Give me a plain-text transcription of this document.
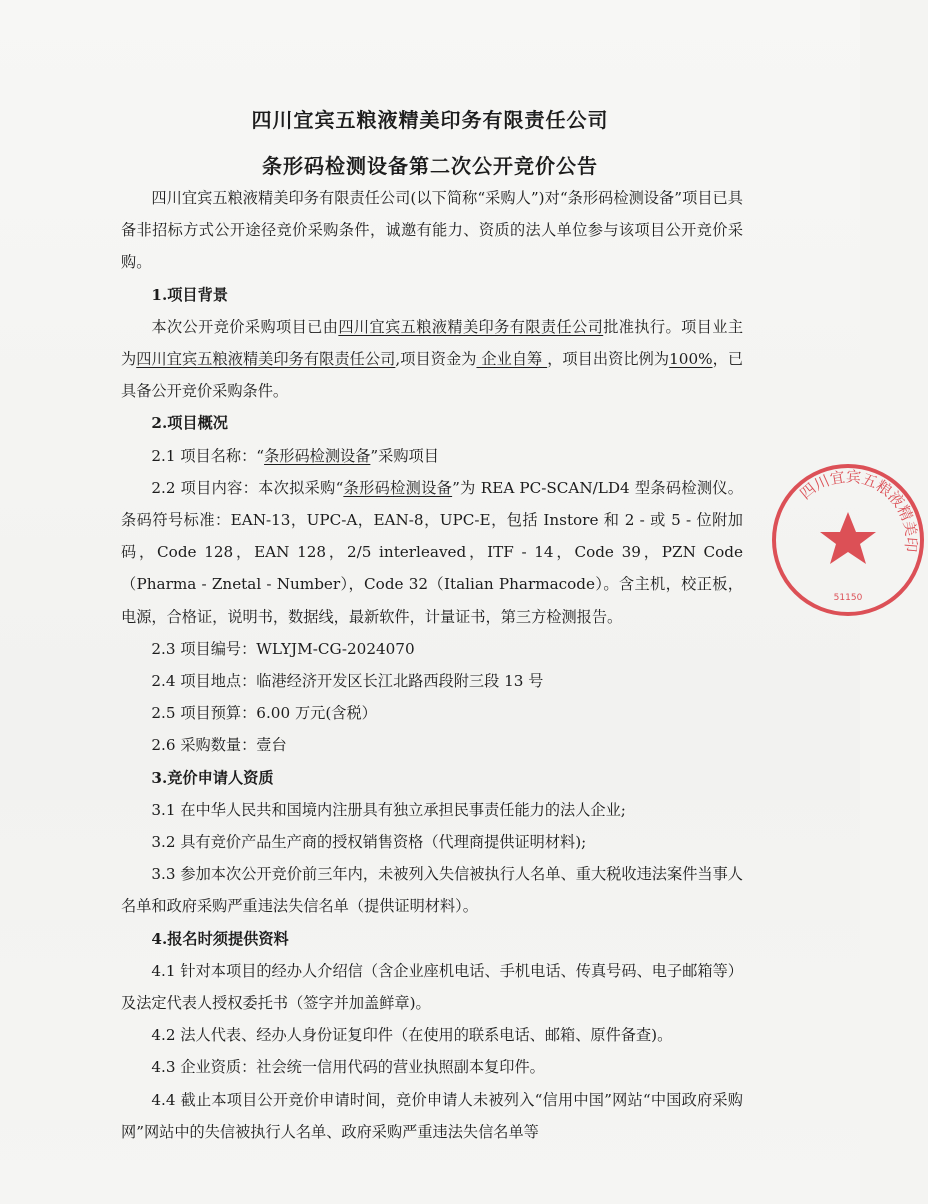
四川宜宾五粮液精美印务有限责任公司
条形码检测设备第二次公开竞价公告

四川宜宾五粮液精美印务有限责任公司(以下简称“采购人”)对“条形码检测设备”项目已具备非招标方式公开途径竞价采购条件，诚邀有能力、资质的法人单位参与该项目公开竞价采购。

1.项目背景

本次公开竞价采购项目已由四川宜宾五粮液精美印务有限责任公司批准执行。项目业主为四川宜宾五粮液精美印务有限责任公司,项目资金为 企业自筹 ，项目出资比例为100%，已具备公开竞价采购条件。

2.项目概况

2.1 项目名称：“条形码检测设备”采购项目

2.2 项目内容：本次拟采购“条形码检测设备”为 REA PC-SCAN/LD4 型条码检测仪。条码符号标准：EAN-13，UPC-A，EAN-8，UPC-E，包括 Instore 和 2 - 或 5 - 位附加码，Code 128，EAN 128，2/5 interleaved，ITF - 14，Code 39，PZN Code（Pharma - Znetal - Number），Code 32（Italian Pharmacode）。含主机，校正板，电源，合格证，说明书，数据线，最新软件，计量证书，第三方检测报告。

2.3 项目编号：WLYJM-CG-2024070

2.4 项目地点：临港经济开发区长江北路西段附三段 13 号

2.5 项目预算：6.00 万元(含税）

2.6 采购数量：壹台

3.竞价申请人资质

3.1 在中华人民共和国境内注册具有独立承担民事责任能力的法人企业;

3.2 具有竞价产品生产商的授权销售资格（代理商提供证明材料);

3.3 参加本次公开竞价前三年内，未被列入失信被执行人名单、重大税收违法案件当事人名单和政府采购严重违法失信名单（提供证明材料）。

4.报名时须提供资料

4.1 针对本项目的经办人介绍信（含企业座机电话、手机电话、传真号码、电子邮箱等）及法定代表人授权委托书（签字并加盖鲜章)。

4.2 法人代表、经办人身份证复印件（在使用的联系电话、邮箱、原件备查)。

4.3 企业资质：社会统一信用代码的营业执照副本复印件。

4.4 截止本项目公开竞价申请时间，竞价申请人未被列入“信用中国”网站“中国政府采购网”网站中的失信被执行人名单、政府采购严重违法失信名单等

四川宜宾五粮液精美印
51150
